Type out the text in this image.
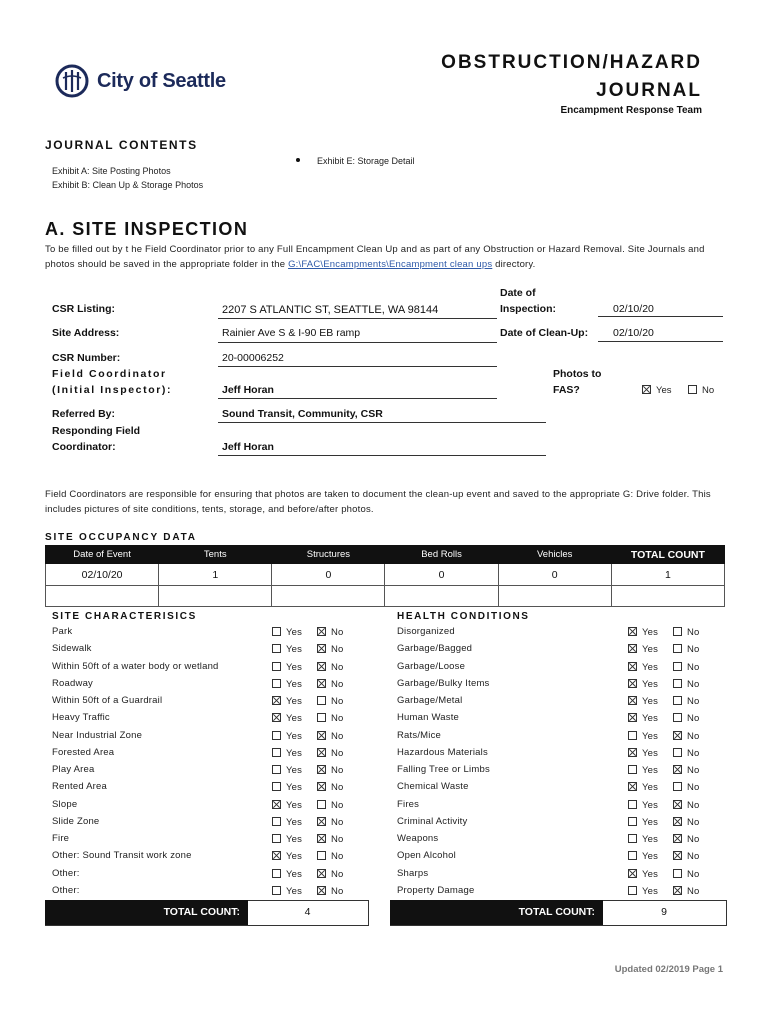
City of Seattle
OBSTRUCTION/HAZARD
JOURNAL
Encampment Response Team
JOURNAL CONTENTS
Exhibit A: Site Posting Photos
Exhibit B: Clean Up & Storage Photos
Exhibit E: Storage Detail
A. SITE INSPECTION
To be filled out by t he Field Coordinator prior to any Full Encampment Clean Up and as part of any Obstruction or Hazard Removal. Site Journals and photos should be saved in the appropriate folder in the G:\FAC\Encampments\Encampment clean ups directory.
CSR Listing:	2207 S ATLANTIC ST, SEATTLE, WA 98144
Date of
Inspection:	02/10/20
Site Address:	Rainier Ave S & I-90 EB ramp	Date of Clean-Up: 02/10/20
CSR Number:	20-00006252
Field Coordinator
(Initial Inspector):	Jeff Horan
Photos to
FAS?	Yes	No
Referred By:	Sound Transit, Community, CSR
Responding Field
Coordinator:	Jeff Horan
Field Coordinators are responsible for ensuring that photos are taken to document the clean-up event and saved to the appropriate G: Drive folder. This includes pictures of site conditions, tents, storage, and before/after photos.
SITE OCCUPANCY DATA
Date of Event	Tents	Structures	Bed Rolls	Vehicles	TOTAL COUNT
02/10/20	1	0	0	0	1

SITE CHARACTERISICS	HEALTH CONDITIONS
Park	Yes	No
Sidewalk	Yes	No
Within 50ft of a water body or wetland	Yes	No
Roadway	Yes	No
Within 50ft of a Guardrail	Yes	No
Heavy Traffic	Yes	No
Near Industrial Zone	Yes	No
Forested Area	Yes	No
Play Area	Yes	No
Rented Area	Yes	No
Slope	Yes	No
Slide Zone	Yes	No
Fire	Yes	No
Other: Sound Transit work zone	Yes	No
Other:	Yes	No
Other:	Yes	No
Disorganized	Yes	No
Garbage/Bagged	Yes	No
Garbage/Loose	Yes	No
Garbage/Bulky Items	Yes	No
Garbage/Metal	Yes	No
Human Waste	Yes	No
Rats/Mice	Yes	No
Hazardous Materials	Yes	No
Falling Tree or Limbs	Yes	No
Chemical Waste	Yes	No
Fires	Yes	No
Criminal Activity	Yes	No
Weapons	Yes	No
Open Alcohol	Yes	No
Sharps	Yes	No
Property Damage	Yes	No
TOTAL COUNT:	4	TOTAL COUNT:	9
Updated 02/2019 Page 1
